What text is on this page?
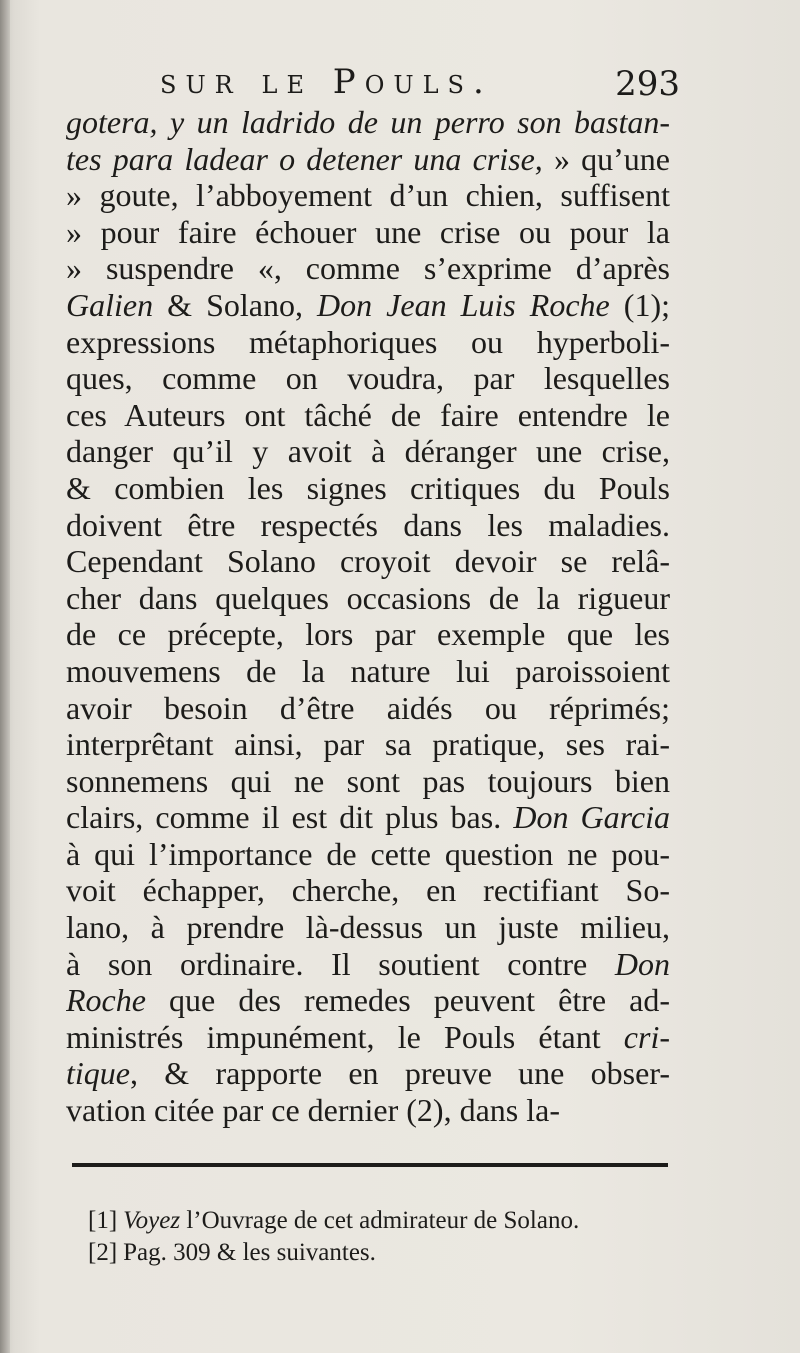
sur le Pouls.	293
gotera, y un ladrido de un perro son bastan-
tes para ladear o detener una crise, » qu’une
» goute, l’abboyement d’un chien, suffisent
» pour faire échouer une crise ou pour la
» suspendre «, comme s’exprime d’après
Galien & Solano, Don Jean Luis Roche (1);
expressions métaphoriques ou hyperboli-
ques, comme on voudra, par lesquelles
ces Auteurs ont tâché de faire entendre le
danger qu’il y avoit à déranger une crise,
& combien les signes critiques du Pouls
doivent être respectés dans les maladies.
Cependant Solano croyoit devoir se relâ-
cher dans quelques occasions de la rigueur
de ce précepte, lors par exemple que les
mouvemens de la nature lui paroissoient
avoir besoin d’être aidés ou réprimés;
interprêtant ainsi, par sa pratique, ses rai-
sonnemens qui ne sont pas toujours bien
clairs, comme il est dit plus bas. Don Garcia
à qui l’importance de cette question ne pou-
voit échapper, cherche, en rectifiant So-
lano, à prendre là-dessus un juste milieu,
à son ordinaire. Il soutient contre Don
Roche que des remedes peuvent être ad-
ministrés impunément, le Pouls étant cri-
tique, & rapporte en preuve une obser-
vation citée par ce dernier (2), dans la-
[1] Voyez l’Ouvrage de cet admirateur de Solano.
[2] Pag. 309 & les suivantes.
